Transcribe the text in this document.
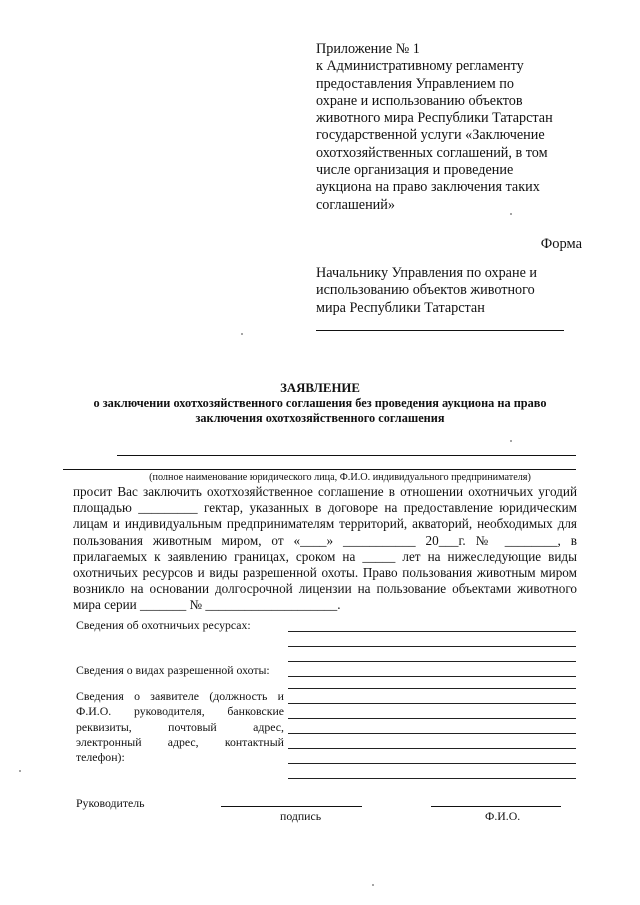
Приложение № 1
к Административному регламенту
предоставления Управлением по
охране и использованию объектов
животного мира Республики Татарстан
государственной услуги «Заключение
охотхозяйственных соглашений, в том
числе организация и проведение
аукциона на право заключения таких
соглашений»
Форма
Начальнику Управления по охране и
использованию объектов животного
мира Республики Татарстан
ЗАЯВЛЕНИЕ
о заключении охотхозяйственного соглашения без проведения аукциона на право заключения охотхозяйственного соглашения
(полное наименование юридического лица, Ф.И.О. индивидуального предпринимателя)
просит Вас заключить охотхозяйственное соглашение в отношении охотничьих угодий
площадью _________ гектар, указанных в договоре на предоставление юридическим
лицам и индивидуальным предпринимателям территорий, акваторий, необходимых для
пользования животным миром, от «____» ___________ 20___г. № ________, в
прилагаемых к заявлению границах, сроком на _____ лет на нижеследующие виды
охотничьих ресурсов и виды разрешенной охоты. Право пользования животным миром
возникло на основании долгосрочной лицензии на пользование объектами животного
мира серии _______ № ____________________.
Сведения об охотничьих ресурсах:
Сведения о видах разрешенной охоты:
Сведения о заявителе (должность и
Ф.И.О. руководителя, банковские
реквизиты, почтовый адрес,
электронный адрес, контактный
телефон):
Руководитель
подпись	Ф.И.О.
